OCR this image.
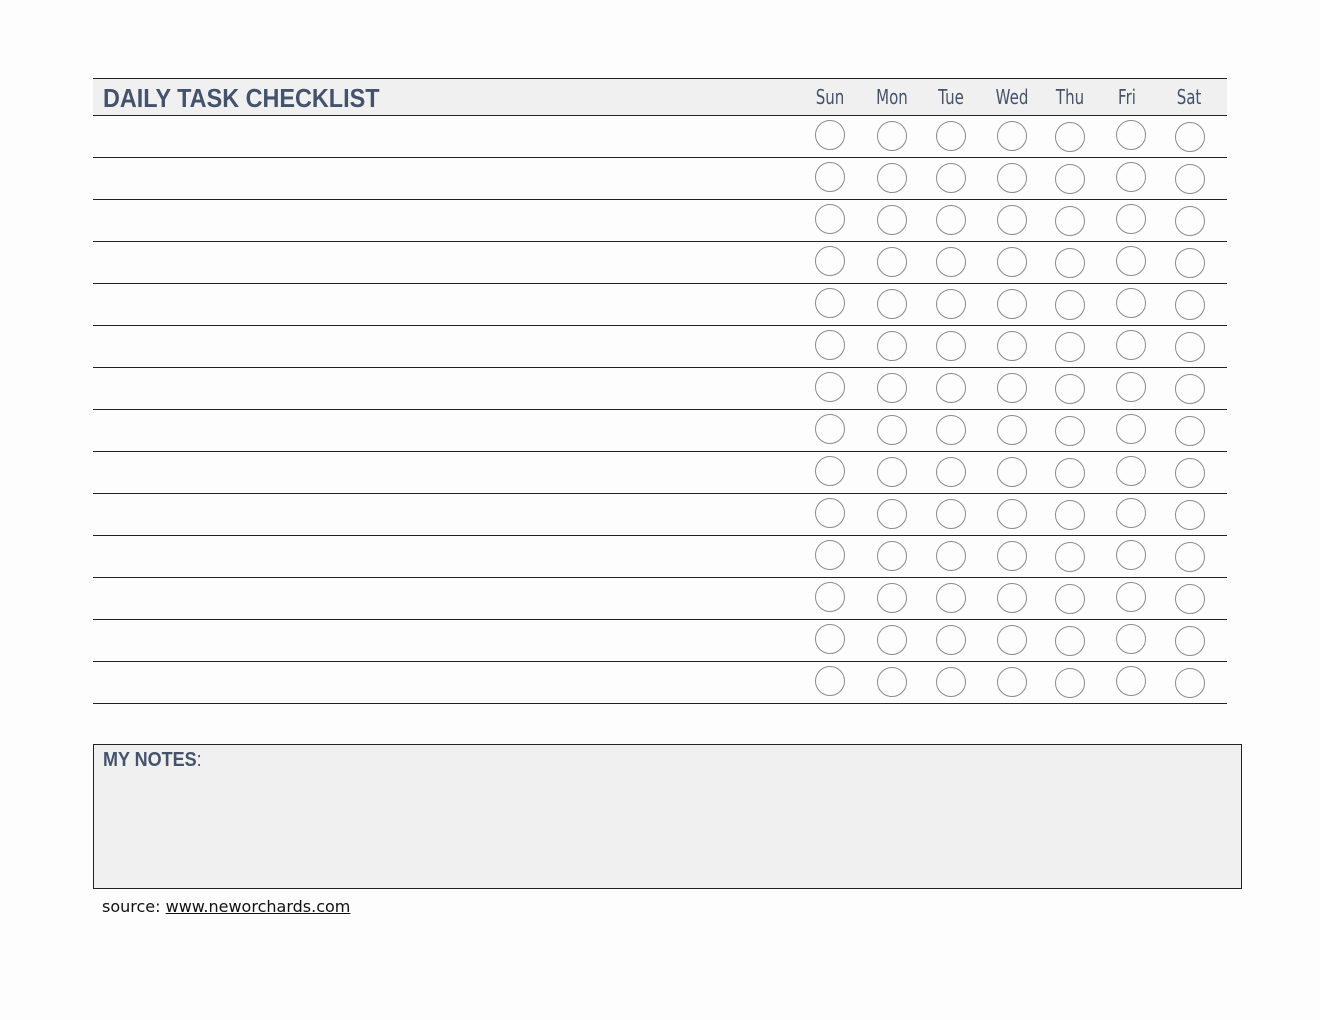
DAILY TASK CHECKLIST	Sun Mon Tue Wed Thu	Fri	Sat
MY NOTES:
source: www.neworchards.com
